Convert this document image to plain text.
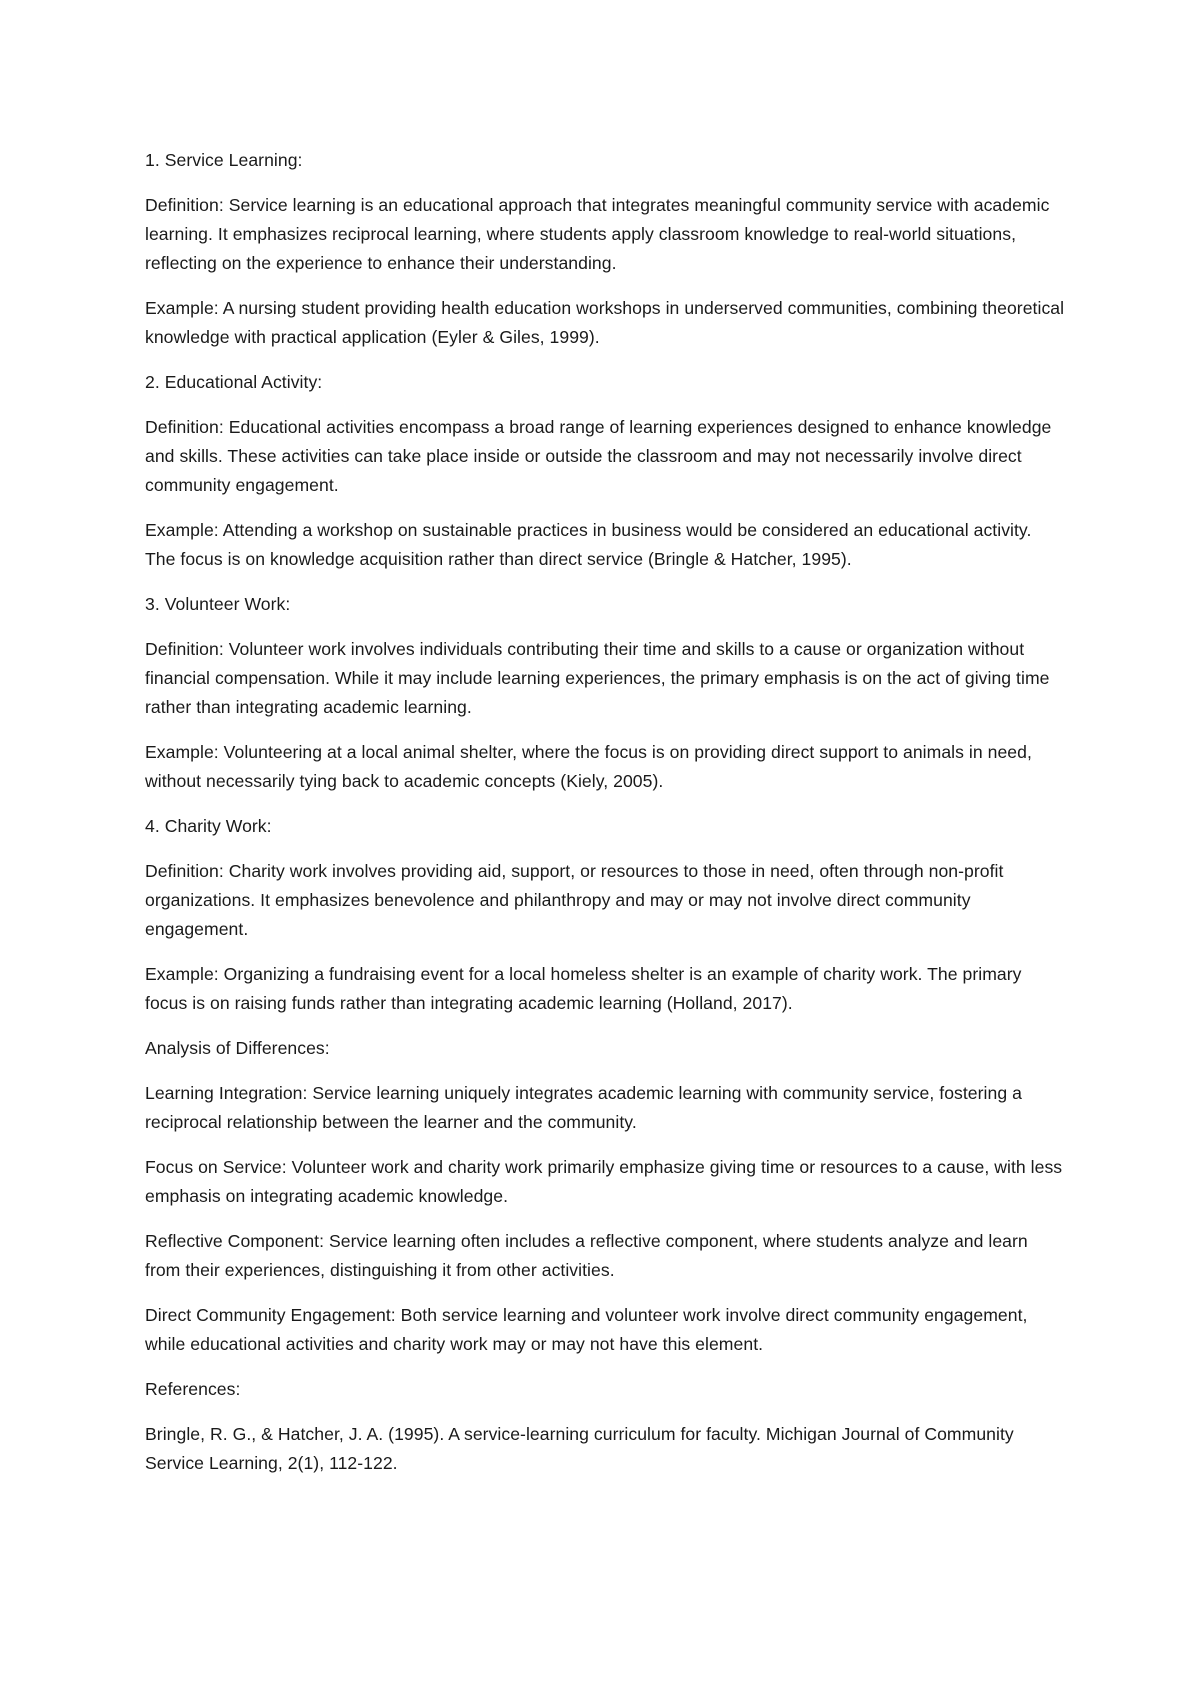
1. Service Learning:

Definition: Service learning is an educational approach that integrates meaningful community service with academic learning. It emphasizes reciprocal learning, where students apply classroom knowledge to real-world situations, reflecting on the experience to enhance their understanding.

Example: A nursing student providing health education workshops in underserved communities, combining theoretical knowledge with practical application (Eyler & Giles, 1999).

2. Educational Activity:

Definition: Educational activities encompass a broad range of learning experiences designed to enhance knowledge and skills. These activities can take place inside or outside the classroom and may not necessarily involve direct community engagement.

Example: Attending a workshop on sustainable practices in business would be considered an educational activity. The focus is on knowledge acquisition rather than direct service (Bringle & Hatcher, 1995).

3. Volunteer Work:

Definition: Volunteer work involves individuals contributing their time and skills to a cause or organization without financial compensation. While it may include learning experiences, the primary emphasis is on the act of giving time rather than integrating academic learning.

Example: Volunteering at a local animal shelter, where the focus is on providing direct support to animals in need, without necessarily tying back to academic concepts (Kiely, 2005).

4. Charity Work:

Definition: Charity work involves providing aid, support, or resources to those in need, often through non-profit organizations. It emphasizes benevolence and philanthropy and may or may not involve direct community engagement.

Example: Organizing a fundraising event for a local homeless shelter is an example of charity work. The primary focus is on raising funds rather than integrating academic learning (Holland, 2017).

Analysis of Differences:

Learning Integration: Service learning uniquely integrates academic learning with community service, fostering a reciprocal relationship between the learner and the community.

Focus on Service: Volunteer work and charity work primarily emphasize giving time or resources to a cause, with less emphasis on integrating academic knowledge.

Reflective Component: Service learning often includes a reflective component, where students analyze and learn from their experiences, distinguishing it from other activities.

Direct Community Engagement: Both service learning and volunteer work involve direct community engagement, while educational activities and charity work may or may not have this element.

References:

Bringle, R. G., & Hatcher, J. A. (1995). A service-learning curriculum for faculty. Michigan Journal of Community Service Learning, 2(1), 112-122.
